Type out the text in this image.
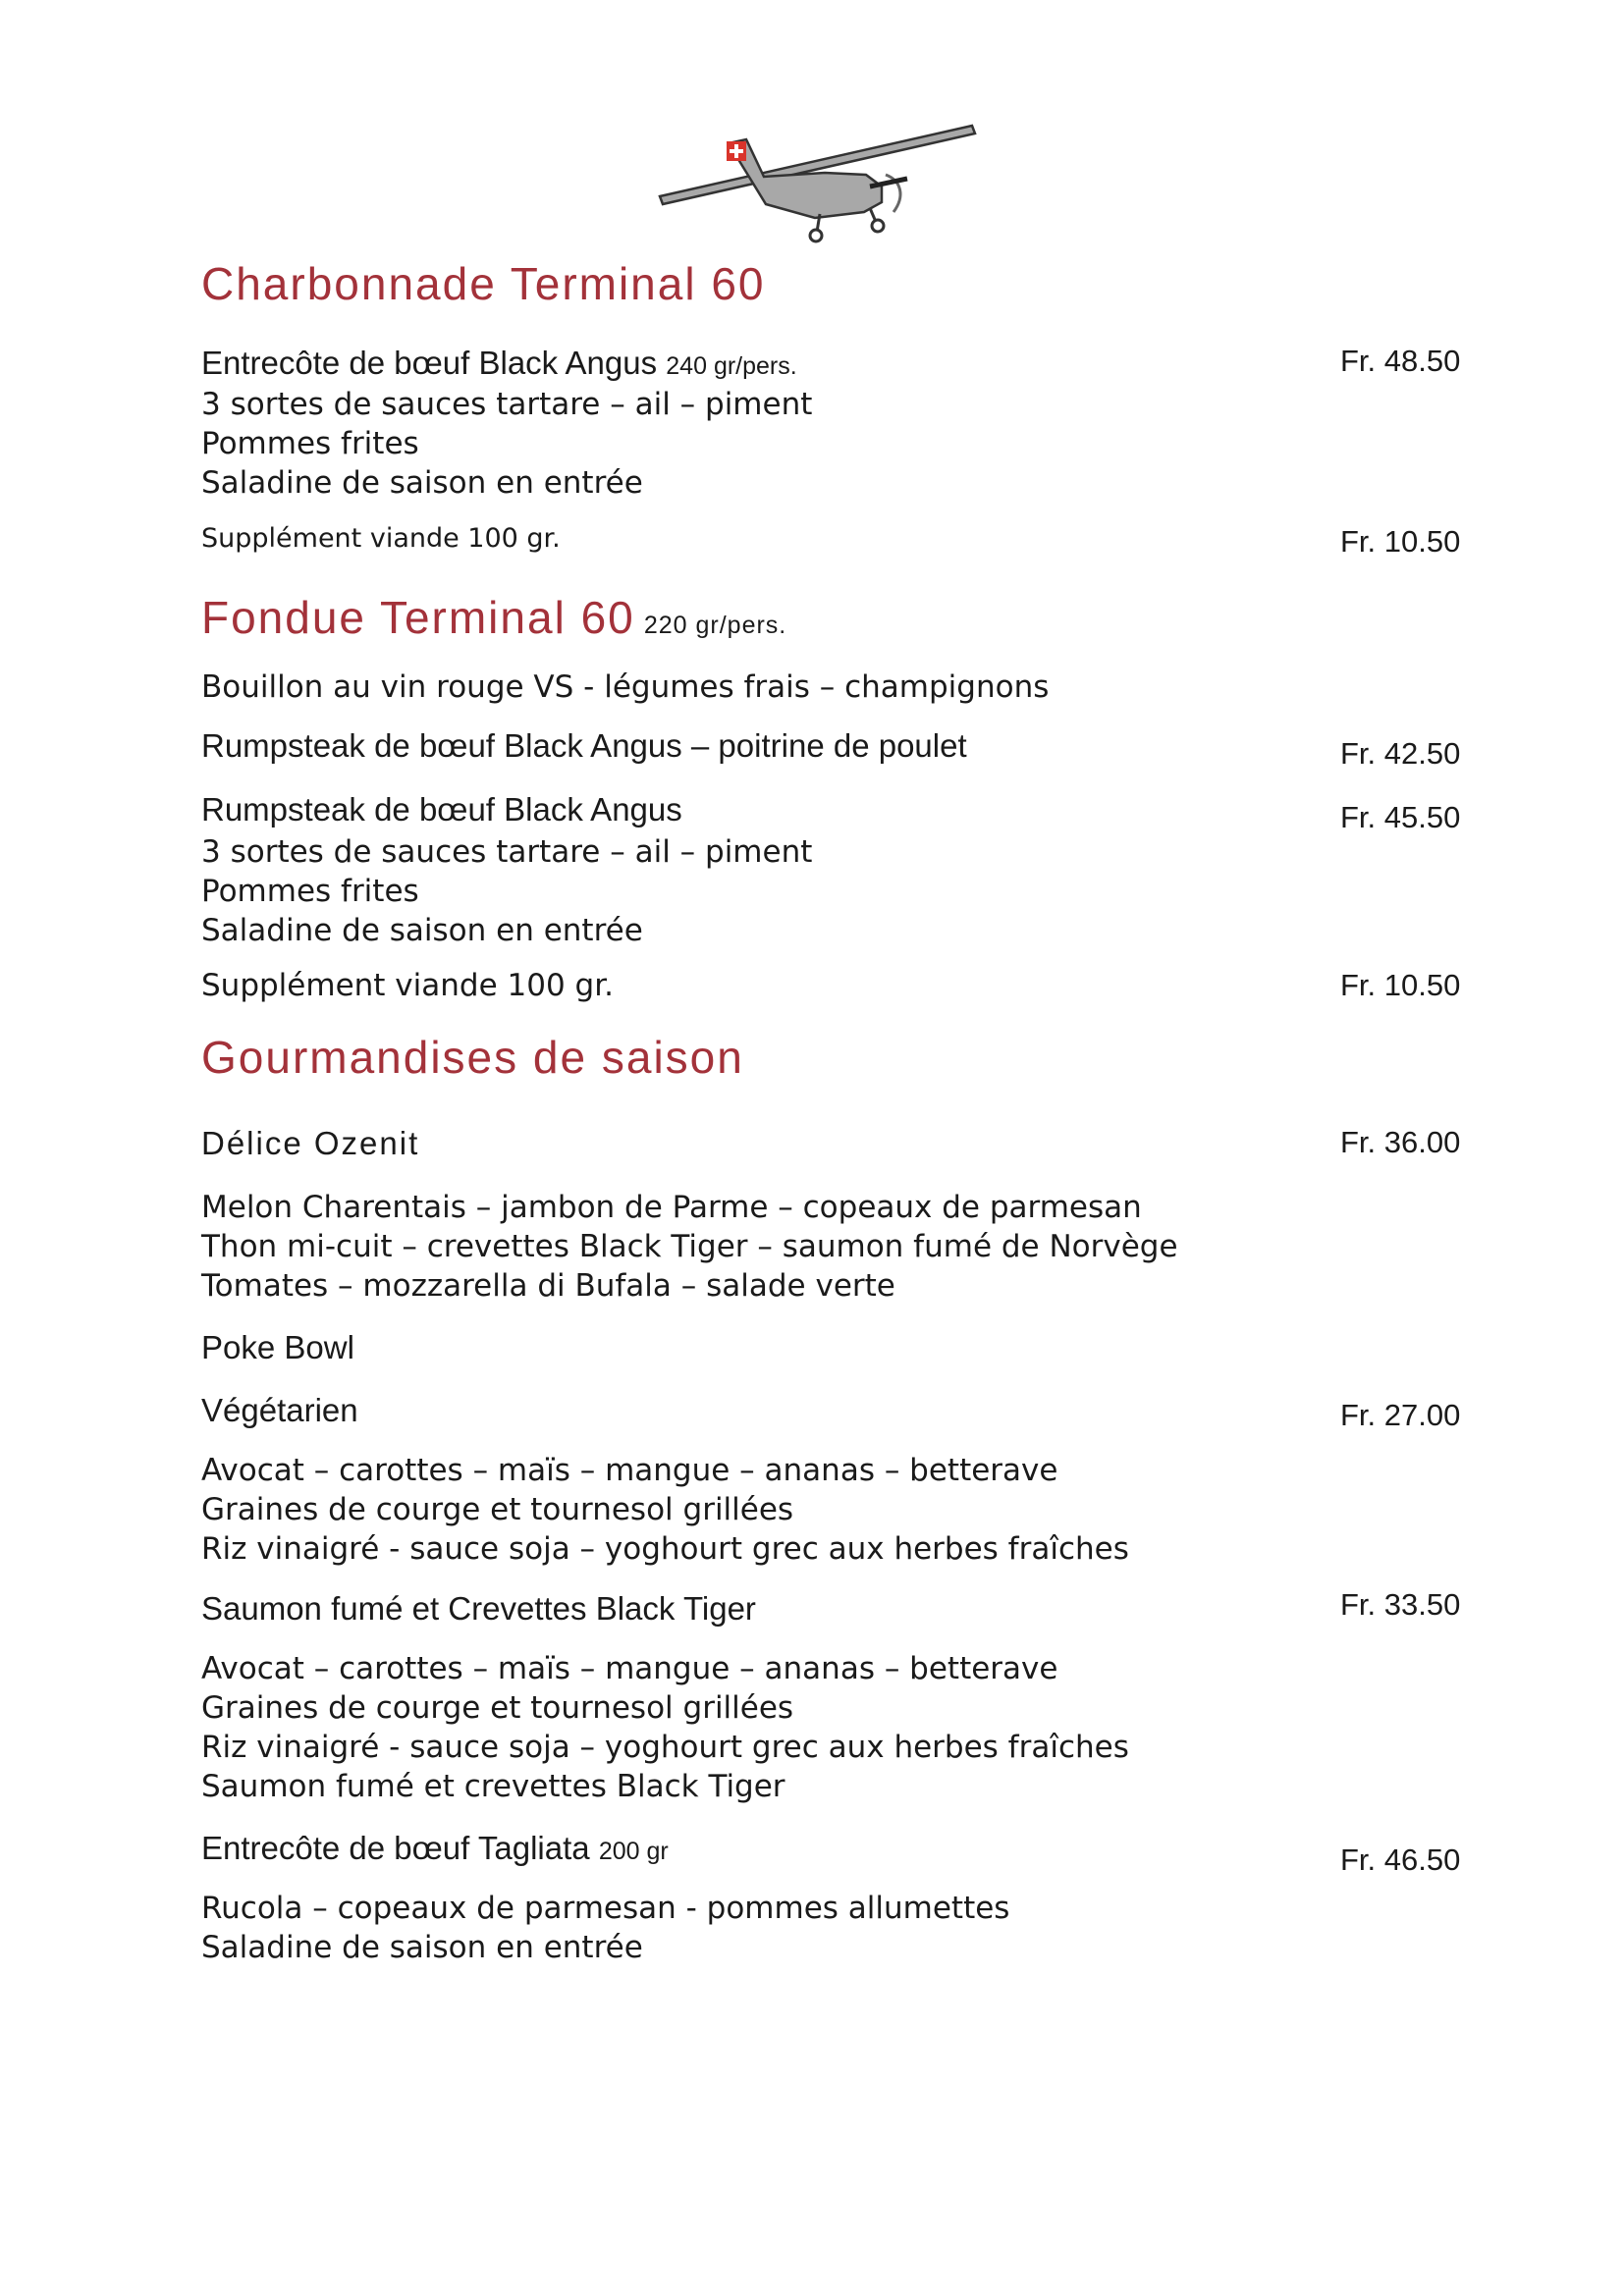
Charbonnade Terminal 60
Entrecôte de bœuf Black Angus 240 gr/pers.	Fr. 48.50
3 sortes de sauces tartare – ail – piment
Pommes frites
Saladine de saison en entrée
Supplément viande 100 gr.	Fr. 10.50
Fondue Terminal 60 220 gr/pers.
Bouillon au vin rouge VS - légumes frais – champignons
Rumpsteak de bœuf Black Angus – poitrine de poulet	Fr. 42.50
Rumpsteak de bœuf Black Angus	Fr. 45.50
3 sortes de sauces tartare – ail – piment
Pommes frites
Saladine de saison en entrée
Supplément viande 100 gr.	Fr. 10.50
Gourmandises de saison
Délice Ozenit	Fr. 36.00
Melon Charentais – jambon de Parme – copeaux de parmesan
Thon mi-cuit – crevettes Black Tiger – saumon fumé de Norvège
Tomates – mozzarella di Bufala – salade verte
Poke Bowl
Végétarien	Fr. 27.00
Avocat – carottes – maïs – mangue – ananas – betterave
Graines de courge et tournesol grillées
Riz vinaigré - sauce soja – yoghourt grec aux herbes fraîches
Saumon fumé et Crevettes Black Tiger	Fr. 33.50
Avocat – carottes – maïs – mangue – ananas – betterave
Graines de courge et tournesol grillées
Riz vinaigré - sauce soja – yoghourt grec aux herbes fraîches
Saumon fumé et crevettes Black Tiger
Entrecôte de bœuf Tagliata 200 gr	Fr. 46.50
Rucola – copeaux de parmesan - pommes allumettes
Saladine de saison en entrée
